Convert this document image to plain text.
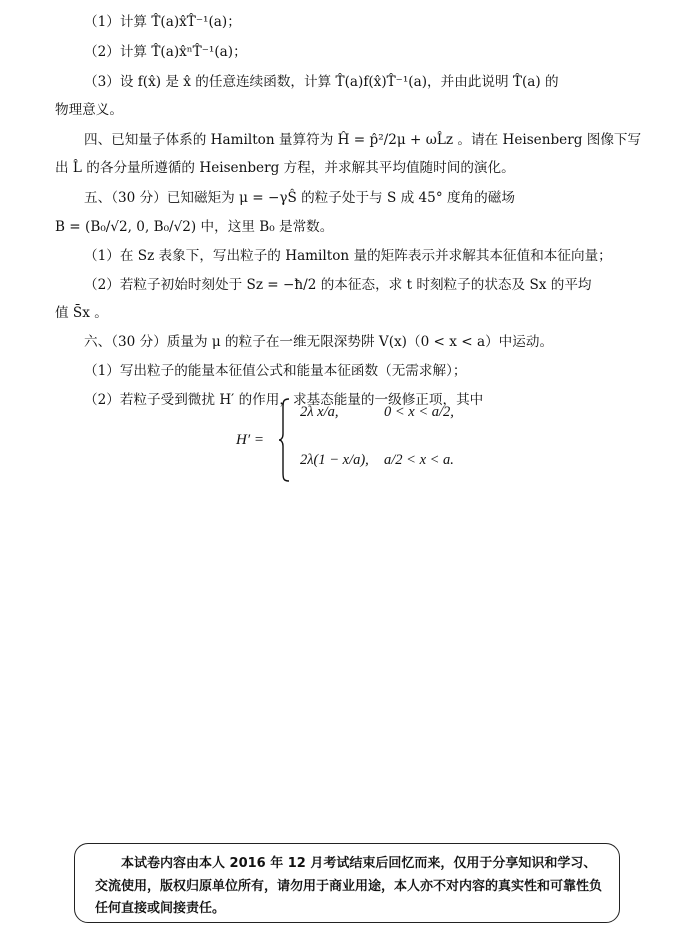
（1）计算 T̂(a)x̂T̂⁻¹(a)；
（2）计算 T̂(a)x̂ⁿT̂⁻¹(a)；
（3）设 f(x̂) 是 x̂ 的任意连续函数，计算 T̂(a)f(x̂)T̂⁻¹(a)，并由此说明 T̂(a) 的
物理意义。
四、已知量子体系的 Hamilton 量算符为 Ĥ = p̂²/2μ + ωL̂z 。请在 Heisenberg 图像下写
出 L̂ 的各分量所遵循的 Heisenberg 方程，并求解其平均值随时间的演化。
五、（30 分）已知磁矩为 μ = −γŜ 的粒子处于与 S 成 45° 度角的磁场
B = (B₀/√2, 0, B₀/√2) 中，这里 B₀ 是常数。
（1）在 Sz 表象下，写出粒子的 Hamilton 量的矩阵表示并求解其本征值和本征向量；
（2）若粒子初始时刻处于 Sz = −ħ/2 的本征态，求 t 时刻粒子的状态及 Sx 的平均
值 S̄x 。
六、（30 分）质量为 μ 的粒子在一维无限深势阱 V(x)（0 < x < a）中运动。
（1）写出粒子的能量本征值公式和能量本征函数（无需求解）；
（2）若粒子受到微扰 H′ 的作用，求基态能量的一级修正项，其中
H′ =
2λ x/a,	0 < x < a/2,
2λ(1 − x/a), a/2 < x < a.
本试卷内容由本人 2016 年 12 月考试结束后回忆而来，仅用于分享知识和学习、交流使用，版权归原单位所有，请勿用于商业用途，本人亦不对内容的真实性和可靠性负任何直接或间接责任。
